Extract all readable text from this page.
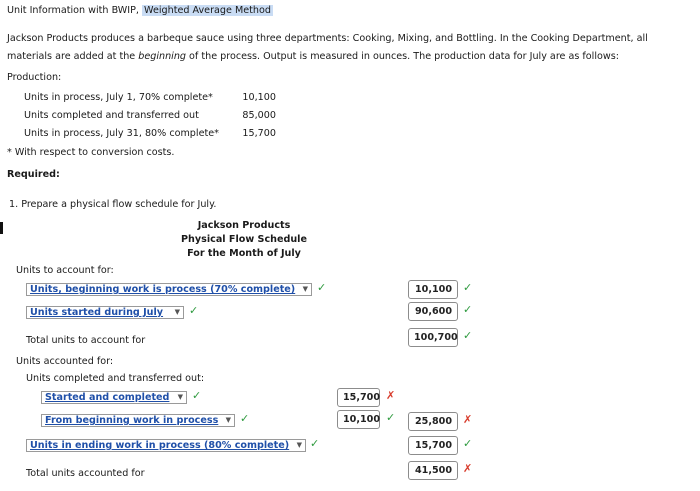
Unit Information with BWIP, Weighted Average Method
Jackson Products produces a barbeque sauce using three departments: Cooking, Mixing, and Bottling. In the Cooking Department, all materials are added at the beginning of the process. Output is measured in ounces. The production data for July are as follows:
Production:
Units in process, July 1, 70% complete*	10,100
Units completed and transferred out	85,000
Units in process, July 31, 80% complete*	15,700
* With respect to conversion costs.
Required:
1. Prepare a physical flow schedule for July.
Jackson Products
Physical Flow Schedule
For the Month of July
Units to account for:
Units, beginning work is process (70% complete) ▼ ✓	10,100	✓
Units started during July ▼ ✓	90,600	✓
Total units to account for	100,700 ✓
Units accounted for:
Units completed and transferred out:
Started and completed ▼ ✓	15,700 ✗
From beginning work in process ▼ ✓	10,100 ✓	25,800	✗
Units in ending work in process (80% complete) ▼ ✓	15,700	✓
Total units accounted for	41,500	✗
